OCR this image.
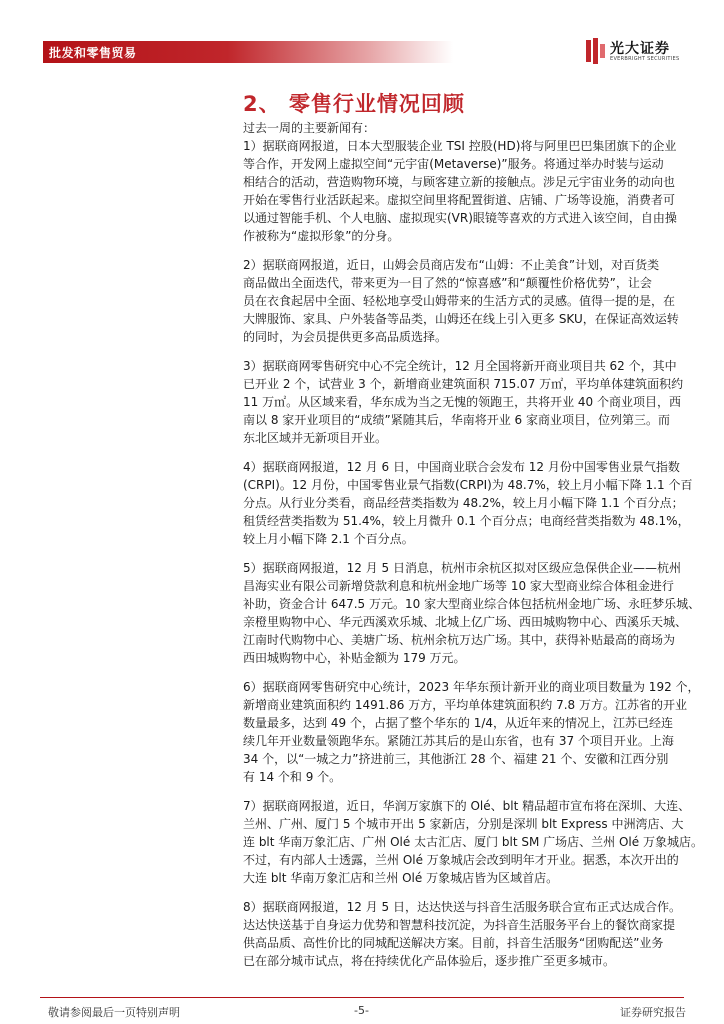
批发和零售贸易	光大证券
EVERBRIGHT SECURITIES
2、 零售行业情况回顾
过去一周的主要新闻有：
1）据联商网报道，日本大型服装企业 TSI 控股(HD)将与阿里巴巴集团旗下的企业
等合作，开发网上虚拟空间“元宇宙(Metaverse)”服务。将通过举办时装与运动
相结合的活动，营造购物环境，与顾客建立新的接触点。涉足元宇宙业务的动向也
开始在零售行业活跃起来。虚拟空间里将配置街道、店铺、广场等设施，消费者可
以通过智能手机、个人电脑、虚拟现实(VR)眼镜等喜欢的方式进入该空间，自由操
作被称为“虚拟形象”的分身。
2）据联商网报道，近日，山姆会员商店发布“山姆：不止美食”计划，对百货类
商品做出全面迭代，带来更为一目了然的“惊喜感”和“颠覆性价格优势”，让会
员在衣食起居中全面、轻松地享受山姆带来的生活方式的灵感。值得一提的是，在
大牌服饰、家具、户外装备等品类，山姆还在线上引入更多 SKU，在保证高效运转
的同时，为会员提供更多高品质选择。
3）据联商网零售研究中心不完全统计，12 月全国将新开商业项目共 62 个，其中
已开业 2 个，试营业 3 个，新增商业建筑面积 715.07 万㎡，平均单体建筑面积约
11 万㎡。从区域来看，华东成为当之无愧的领跑王，共将开业 40 个商业项目，西
南以 8 家开业项目的“成绩”紧随其后，华南将开业 6 家商业项目，位列第三。而
东北区域并无新项目开业。
4）据联商网报道，12 月 6 日，中国商业联合会发布 12 月份中国零售业景气指数
(CRPI)。12 月份，中国零售业景气指数(CRPI)为 48.7%，较上月小幅下降 1.1 个百
分点。从行业分类看，商品经营类指数为 48.2%，较上月小幅下降 1.1 个百分点；
租赁经营类指数为 51.4%，较上月微升 0.1 个百分点；电商经营类指数为 48.1%，
较上月小幅下降 2.1 个百分点。
5）据联商网报道，12 月 5 日消息，杭州市余杭区拟对区级应急保供企业——杭州
昌海实业有限公司新增贷款利息和杭州金地广场等 10 家大型商业综合体租金进行
补助，资金合计 647.5 万元。10 家大型商业综合体包括杭州金地广场、永旺梦乐城、
亲橙里购物中心、华元西溪欢乐城、北城上亿广场、西田城购物中心、西溪乐天城、
江南时代购物中心、美塘广场、杭州余杭万达广场。其中，获得补贴最高的商场为
西田城购物中心，补贴金额为 179 万元。
6）据联商网零售研究中心统计，2023 年华东预计新开业的商业项目数量为 192 个，
新增商业建筑面积约 1491.86 万方，平均单体建筑面积约 7.8 万方。江苏省的开业
数量最多，达到 49 个，占据了整个华东的 1/4，从近年来的情况上，江苏已经连
续几年开业数量领跑华东。紧随江苏其后的是山东省，也有 37 个项目开业。上海
34 个，以“一城之力”挤进前三，其他浙江 28 个、福建 21 个、安徽和江西分别
有 14 个和 9 个。
7）据联商网报道，近日，华润万家旗下的 Olé、blt 精品超市宣布将在深圳、大连、
兰州、广州、厦门 5 个城市开出 5 家新店，分别是深圳 blt Express 中洲湾店、大
连 blt 华南万象汇店、广州 Olé 太古汇店、厦门 blt SM 广场店、兰州 Olé 万象城店。
不过，有内部人士透露，兰州 Olé 万象城店会改到明年才开业。据悉，本次开出的
大连 blt 华南万象汇店和兰州 Olé 万象城店皆为区域首店。
8）据联商网报道，12 月 5 日，达达快送与抖音生活服务联合宣布正式达成合作。
达达快送基于自身运力优势和智慧科技沉淀，为抖音生活服务平台上的餐饮商家提
供高品质、高性价比的同城配送解决方案。目前，抖音生活服务“团购配送”业务
已在部分城市试点，将在持续优化产品体验后，逐步推广至更多城市。
敬请参阅最后一页特别声明	-5-	证券研究报告
